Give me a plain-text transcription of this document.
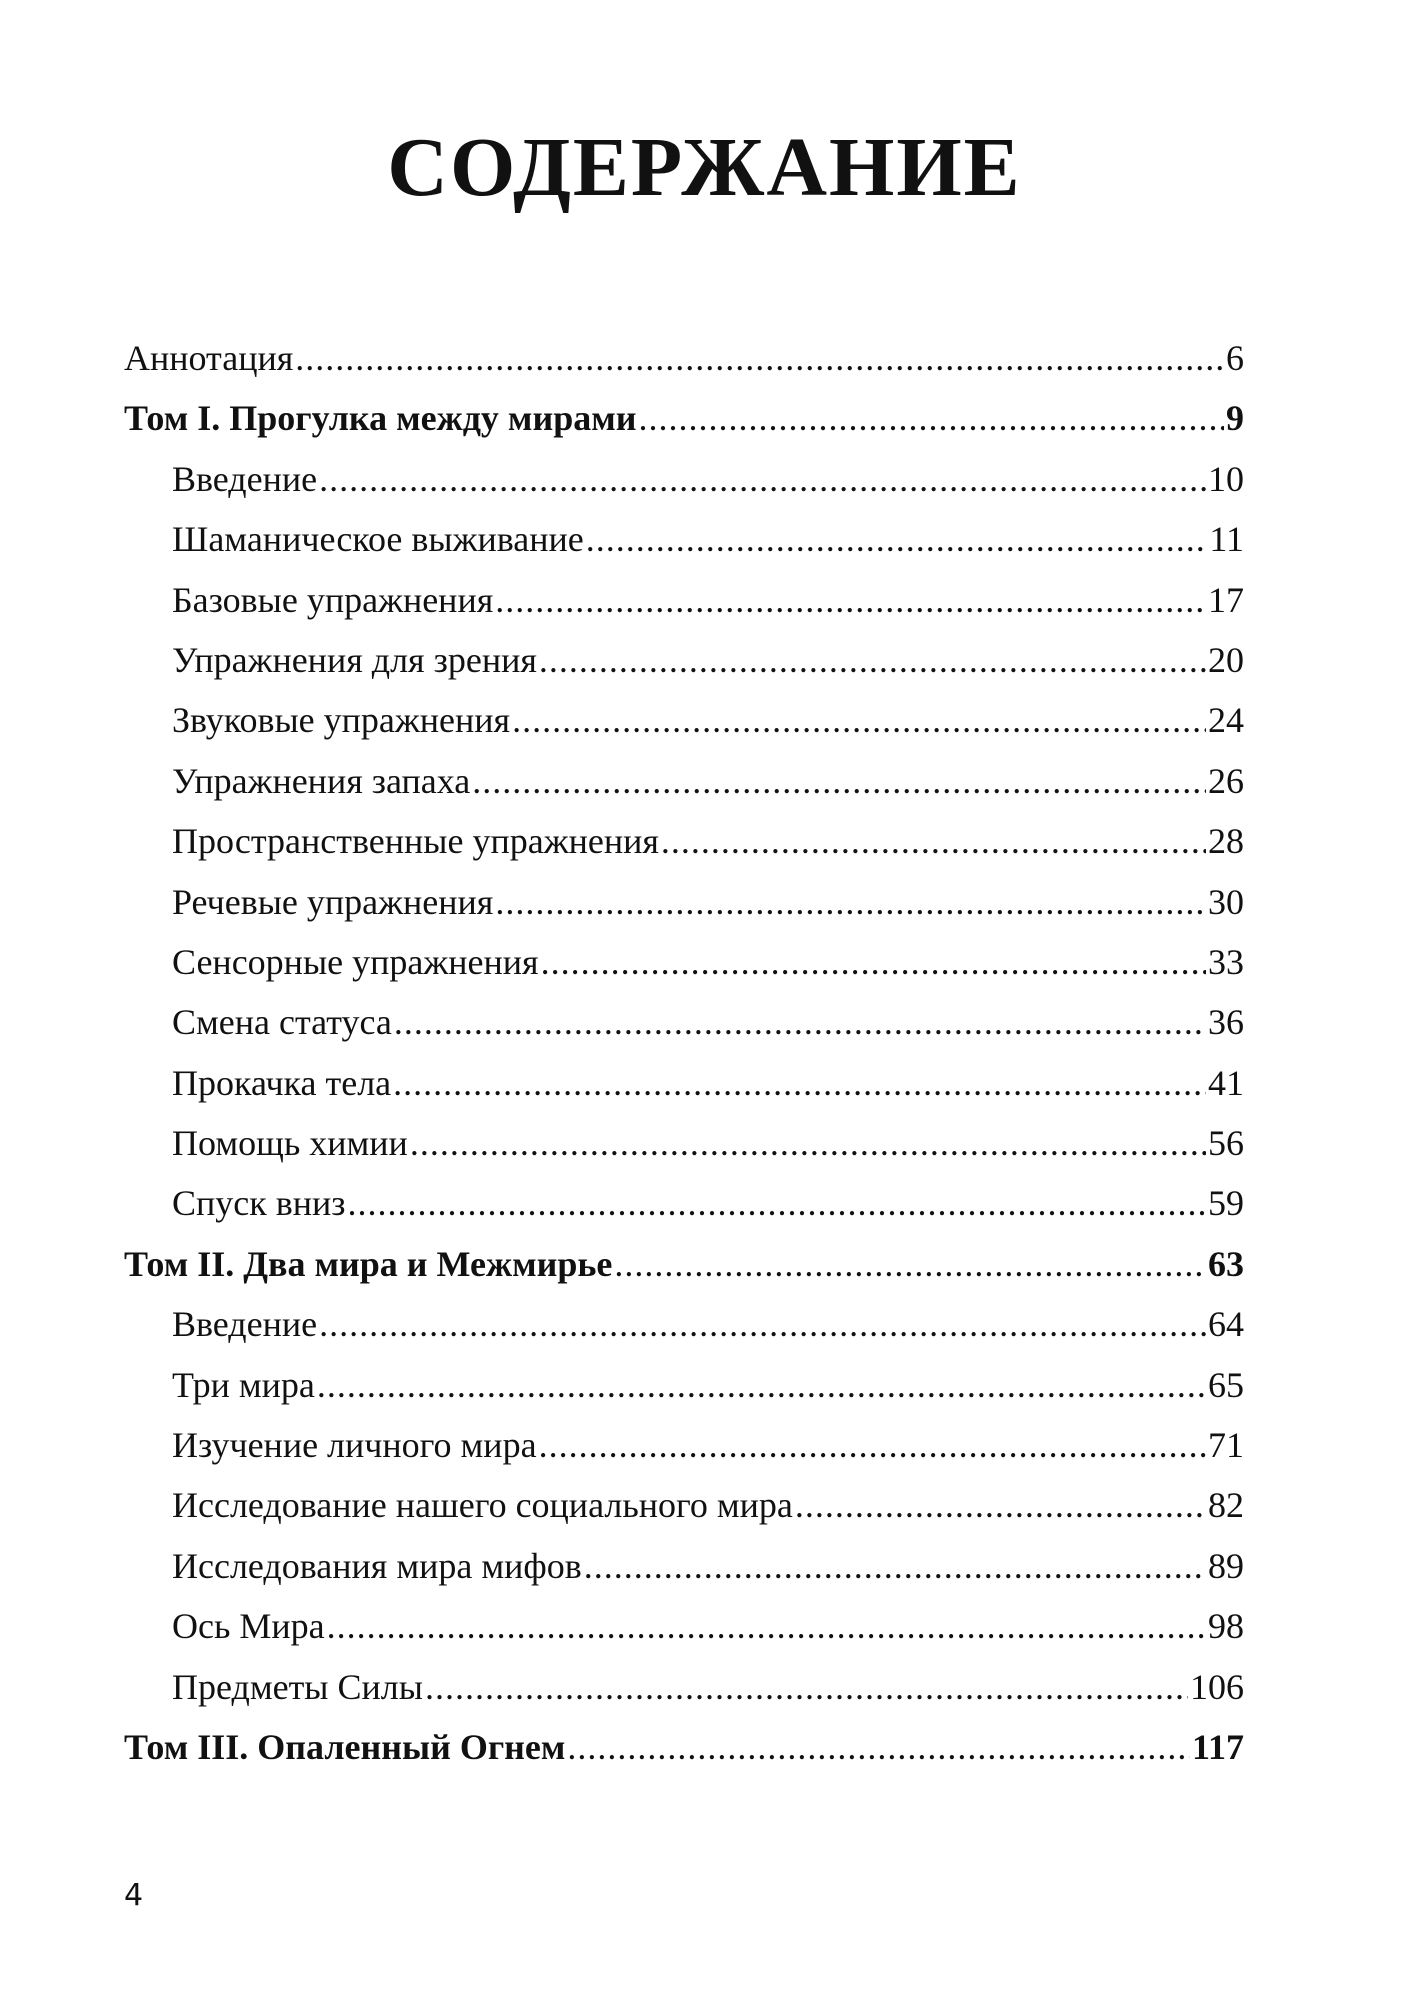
СОДЕРЖАНИЕ
Аннотация .....	6
Том I. Прогулка между мирами .....	9
Введение .....	10
Шаманическое выживание .....	11
Базовые упражнения .....	17
Упражнения для зрения .....	20
Звуковые упражнения .....	24
Упражнения запаха .....	26
Пространственные упражнения .....	28
Речевые упражнения .....	30
Сенсорные упражнения .....	33
Смена статуса .....	36
Прокачка тела .....	41
Помощь химии .....	56
Спуск вниз .....	59
Том II. Два мира и Межмирье .....	63
Введение .....	64
Три мира .....	65
Изучение личного мира .....	71
Исследование нашего социального мира .....	82
Исследования мира мифов .....	89
Ось Мира .....	98
Предметы Силы .....	106
Том III. Опаленный Огнем .....	117
4
